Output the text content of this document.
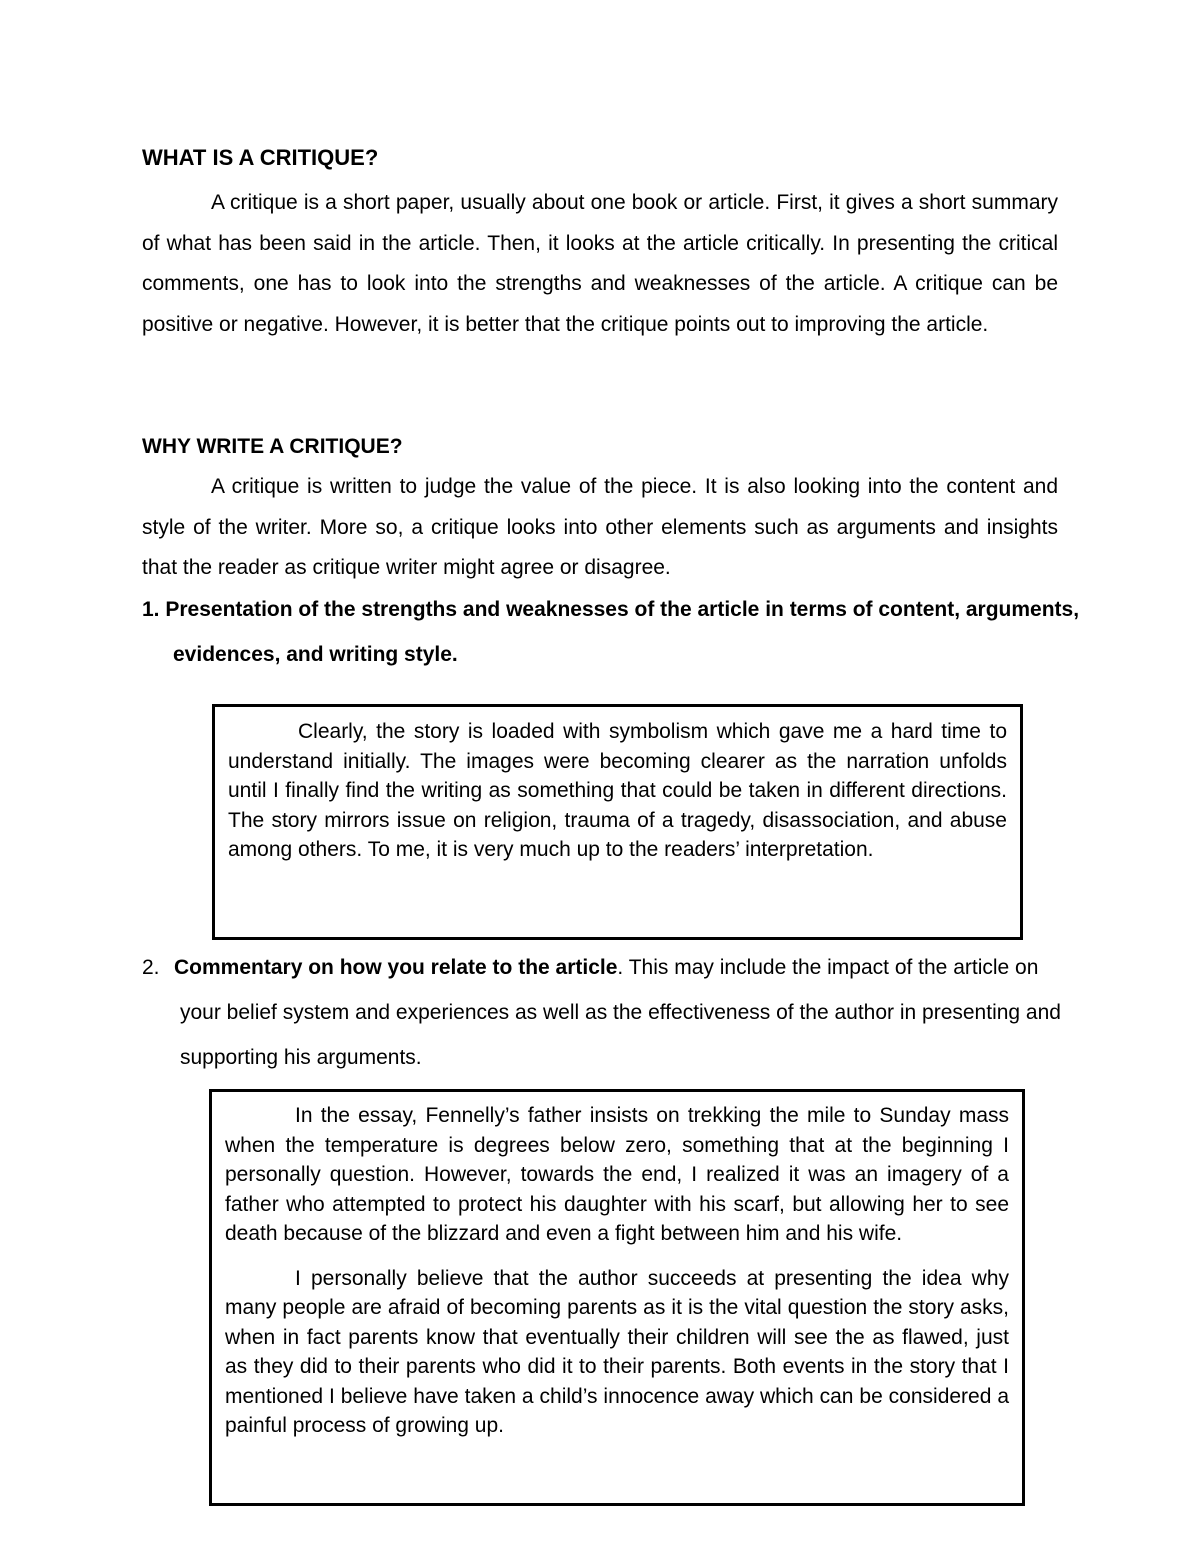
WHAT IS A CRITIQUE?

A critique is a short paper, usually about one book or article. First, it gives a short summary of what has been said in the article. Then, it looks at the article critically. In presenting the critical comments, one has to look into the strengths and weaknesses of the article. A critique can be positive or negative. However, it is better that the critique points out to improving the article.

WHY WRITE A CRITIQUE?

A critique is written to judge the value of the piece. It is also looking into the content and style of the writer. More so, a critique looks into other elements such as arguments and insights that the reader as critique writer might agree or disagree.

1. Presentation of the strengths and weaknesses of the article in terms of content, arguments, evidences, and writing style.

Clearly, the story is loaded with symbolism which gave me a hard time to understand initially. The images were becoming clearer as the narration unfolds until I finally find the writing as something that could be taken in different directions. The story mirrors issue on religion, trauma of a tragedy, disassociation, and abuse among others. To me, it is very much up to the readers’ interpretation.

2. Commentary on how you relate to the article. This may include the impact of the article on your belief system and experiences as well as the effectiveness of the author in presenting and supporting his arguments.

In the essay, Fennelly’s father insists on trekking the mile to Sunday mass when the temperature is degrees below zero, something that at the beginning I personally question. However, towards the end, I realized it was an imagery of a father who attempted to protect his daughter with his scarf, but allowing her to see death because of the blizzard and even a fight between him and his wife.

I personally believe that the author succeeds at presenting the idea why many people are afraid of becoming parents as it is the vital question the story asks, when in fact parents know that eventually their children will see the as flawed, just as they did to their parents who did it to their parents. Both events in the story that I mentioned I believe have taken a child’s innocence away which can be considered a painful process of growing up.
